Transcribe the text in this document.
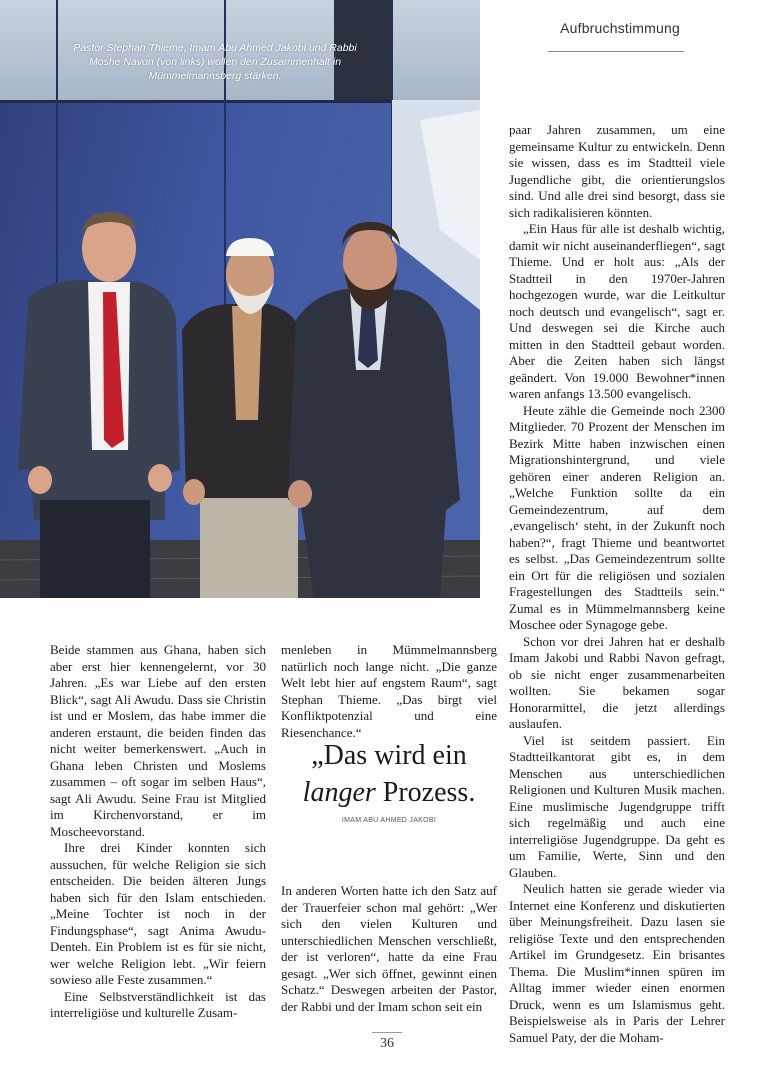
Aufbruchstimmung
Pastor Stephan Thieme, Imam Abu Ahmed Jakobi und Rabbi Moshe Navon (von links) wollen den Zusammenhalt in Mümmelmannsberg stärken.

Beide stammen aus Ghana, haben sich aber erst hier kennengelernt, vor 30 Jahren. „Es war Liebe auf den ersten Blick“, sagt Ali Awudu. Dass sie Christin ist und er Moslem, das habe immer die anderen erstaunt, die beiden finden das nicht weiter bemerkenswert. „Auch in Ghana leben Christen und Moslems zusammen – oft sogar im selben Haus“, sagt Ali Awudu. Seine Frau ist Mitglied im Kirchenvorstand, er im Moscheevorstand.

Ihre drei Kinder konnten sich aussuchen, für welche Religion sie sich entscheiden. Die beiden älteren Jungs haben sich für den Islam entschieden. „Meine Tochter ist noch in der Findungsphase“, sagt Anima Awudu-Denteh. Ein Problem ist es für sie nicht, wer welche Religion lebt. „Wir feiern sowieso alle Feste zusammen.“

Eine Selbstverständlichkeit ist das interreligiöse und kulturelle Zusam-

menleben in Mümmelmannsberg natürlich noch lange nicht. „Die ganze Welt lebt hier auf engstem Raum“, sagt Stephan Thieme. „Das birgt viel Konfliktpotenzial und eine Riesenchance.“

„Das wird ein langer Prozess.
IMAM ABU AHMED JAKOBI

In anderen Worten hatte ich den Satz auf der Trauerfeier schon mal gehört: „Wer sich den vielen Kulturen und unterschiedlichen Menschen verschließt, der ist verloren“, hatte da eine Frau gesagt. „Wer sich öffnet, gewinnt einen Schatz.“ Deswegen arbeiten der Pastor, der Rabbi und der Imam schon seit ein

paar Jahren zusammen, um eine gemeinsame Kultur zu entwickeln. Denn sie wissen, dass es im Stadtteil viele Jugendliche gibt, die orientierungslos sind. Und alle drei sind besorgt, dass sie sich radikalisieren könnten.

„Ein Haus für alle ist deshalb wichtig, damit wir nicht auseinanderfliegen“, sagt Thieme. Und er holt aus: „Als der Stadtteil in den 1970er-Jahren hochgezogen wurde, war die Leitkultur noch deutsch und evangelisch“, sagt er. Und deswegen sei die Kirche auch mitten in den Stadtteil gebaut worden. Aber die Zeiten haben sich längst geändert. Von 19.000 Bewohner*innen waren anfangs 13.500 evangelisch.

Heute zähle die Gemeinde noch 2300 Mitglieder. 70 Prozent der Menschen im Bezirk Mitte haben inzwischen einen Migrationshintergrund, und viele gehören einer anderen Religion an. „Welche Funktion sollte da ein Gemeindezentrum, auf dem ‚evangelisch‘ steht, in der Zukunft noch haben?“, fragt Thieme und beantwortet es selbst. „Das Gemeindezentrum sollte ein Ort für die religiösen und sozialen Fragestellungen des Stadtteils sein.“ Zumal es in Mümmelmannsberg keine Moschee oder Synagoge gebe.

Schon vor drei Jahren hat er deshalb Imam Jakobi und Rabbi Navon gefragt, ob sie nicht enger zusammenarbeiten wollten. Sie bekamen sogar Honorarmittel, die jetzt allerdings auslaufen.

Viel ist seitdem passiert. Ein Stadtteilkantorat gibt es, in dem Menschen aus unterschiedlichen Religionen und Kulturen Musik machen. Eine muslimische Jugendgruppe trifft sich regelmäßig und auch eine interreligiöse Jugendgruppe. Da geht es um Familie, Werte, Sinn und den Glauben.

Neulich hatten sie gerade wieder via Internet eine Konferenz und diskutierten über Meinungsfreiheit. Dazu lasen sie religiöse Texte und den entsprechenden Artikel im Grundgesetz. Ein brisantes Thema. Die Muslim*innen spüren im Alltag immer wieder einen enormen Druck, wenn es um Islamismus geht. Beispielsweise als in Paris der Lehrer Samuel Paty, der die Moham-

36
